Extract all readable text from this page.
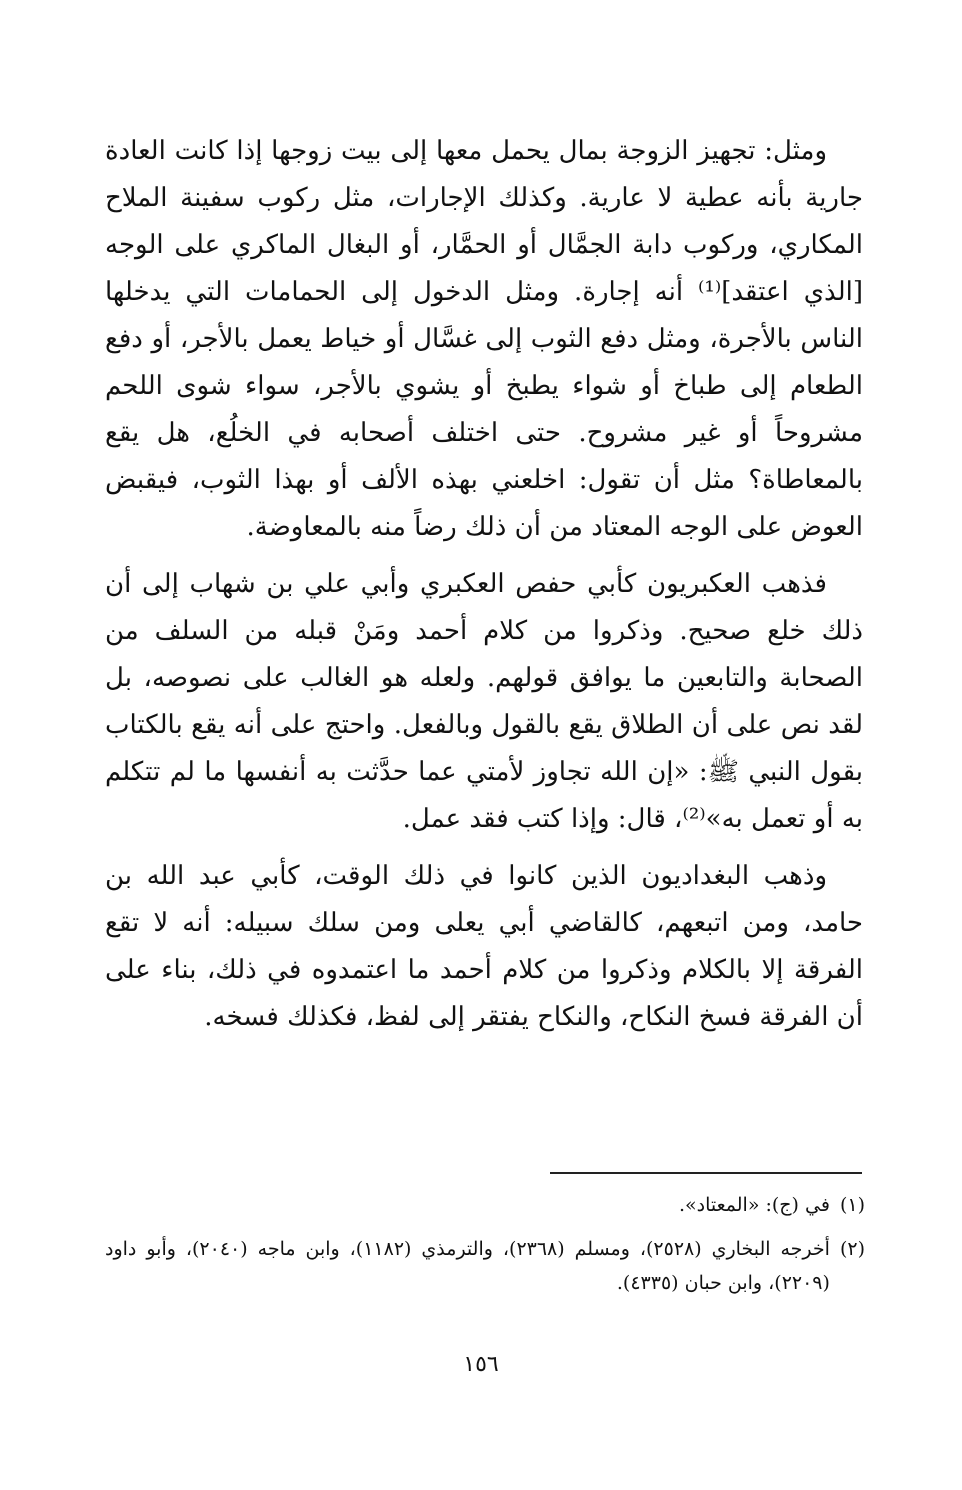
ومثل: تجهيز الزوجة بمال يحمل معها إلى بيت زوجها إذا كانت العادة جارية بأنه عطية لا عارية. وكذلك الإجارات، مثل ركوب سفينة الملاح المكاري، وركوب دابة الجمَّال أو الحمَّار، أو البغال الماكري على الوجه [الذي اعتقد]⁽¹⁾ أنه إجارة. ومثل الدخول إلى الحمامات التي يدخلها الناس بالأجرة، ومثل دفع الثوب إلى غسَّال أو خياط يعمل بالأجر، أو دفع الطعام إلى طباخ أو شواء يطبخ أو يشوي بالأجر، سواء شوى اللحم مشروحاً أو غير مشروح. حتى اختلف أصحابه في الخلُع، هل يقع بالمعاطاة؟ مثل أن تقول: اخلعني بهذه الألف أو بهذا الثوب، فيقبض العوض على الوجه المعتاد من أن ذلك رضاً منه بالمعاوضة.

فذهب العكبريون كأبي حفص العكبري وأبي علي بن شهاب إلى أن ذلك خلع صحيح. وذكروا من كلام أحمد ومَنْ قبله من السلف من الصحابة والتابعين ما يوافق قولهم. ولعله هو الغالب على نصوصه، بل لقد نص على أن الطلاق يقع بالقول وبالفعل. واحتج على أنه يقع بالكتاب بقول النبي ﷺ: «إن الله تجاوز لأمتي عما حدَّثت به أنفسها ما لم تتكلم به أو تعمل به»⁽²⁾، قال: وإذا كتب فقد عمل.

وذهب البغداديون الذين كانوا في ذلك الوقت، كأبي عبد الله بن حامد، ومن اتبعهم، كالقاضي أبي يعلى ومن سلك سبيله: أنه لا تقع الفرقة إلا بالكلام وذكروا من كلام أحمد ما اعتمدوه في ذلك، بناء على أن الفرقة فسخ النكاح، والنكاح يفتقر إلى لفظ، فكذلك فسخه.

(١)
في (ج): «المعتاد».
(٢)
أخرجه البخاري (٢٥٢٨)، ومسلم (٢٣٦٨)، والترمذي (١١٨٢)، وابن ماجه (٢٠٤٠)، وأبو داود (٢٢٠٩)، وابن حبان (٤٣٣٥).
١٥٦
